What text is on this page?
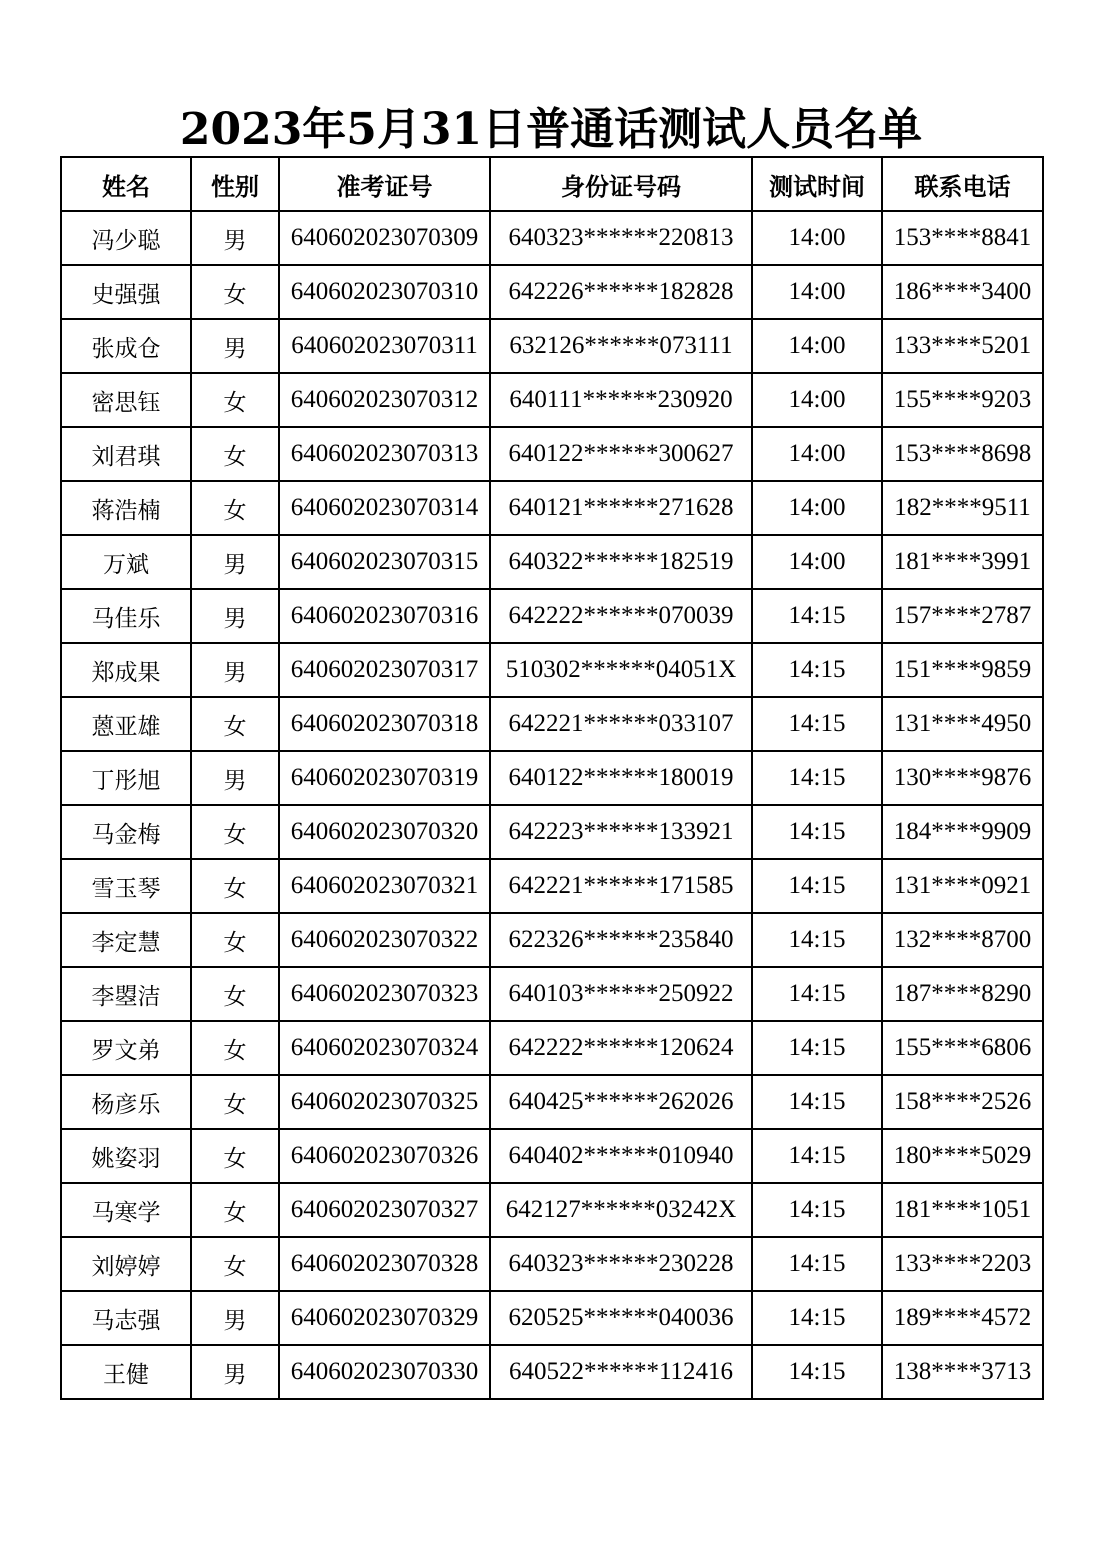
2023年5月31日普通话测试人员名单
姓名	性别	准考证号	身份证号码	测试时间	联系电话
冯少聪	男	640602023070309	640323******220813	14:00	153****8841
史强强	女	640602023070310	642226******182828	14:00	186****3400
张成仓	男	640602023070311	632126******073111	14:00	133****5201
密思钰	女	640602023070312	640111******230920	14:00	155****9203
刘君琪	女	640602023070313	640122******300627	14:00	153****8698
蒋浩楠	女	640602023070314	640121******271628	14:00	182****9511
万斌	男	640602023070315	640322******182519	14:00	181****3991
马佳乐	男	640602023070316	642222******070039	14:15	157****2787
郑成果	男	640602023070317	510302******04051X	14:15	151****9859
蒽亚雄	女	640602023070318	642221******033107	14:15	131****4950
丁彤旭	男	640602023070319	640122******180019	14:15	130****9876
马金梅	女	640602023070320	642223******133921	14:15	184****9909
雪玉琴	女	640602023070321	642221******171585	14:15	131****0921
李定慧	女	640602023070322	622326******235840	14:15	132****8700
李曌洁	女	640602023070323	640103******250922	14:15	187****8290
罗文弟	女	640602023070324	642222******120624	14:15	155****6806
杨彦乐	女	640602023070325	640425******262026	14:15	158****2526
姚姿羽	女	640602023070326	640402******010940	14:15	180****5029
马寒学	女	640602023070327	642127******03242X	14:15	181****1051
刘婷婷	女	640602023070328	640323******230228	14:15	133****2203
马志强	男	640602023070329	620525******040036	14:15	189****4572
王健	男	640602023070330	640522******112416	14:15	138****3713
